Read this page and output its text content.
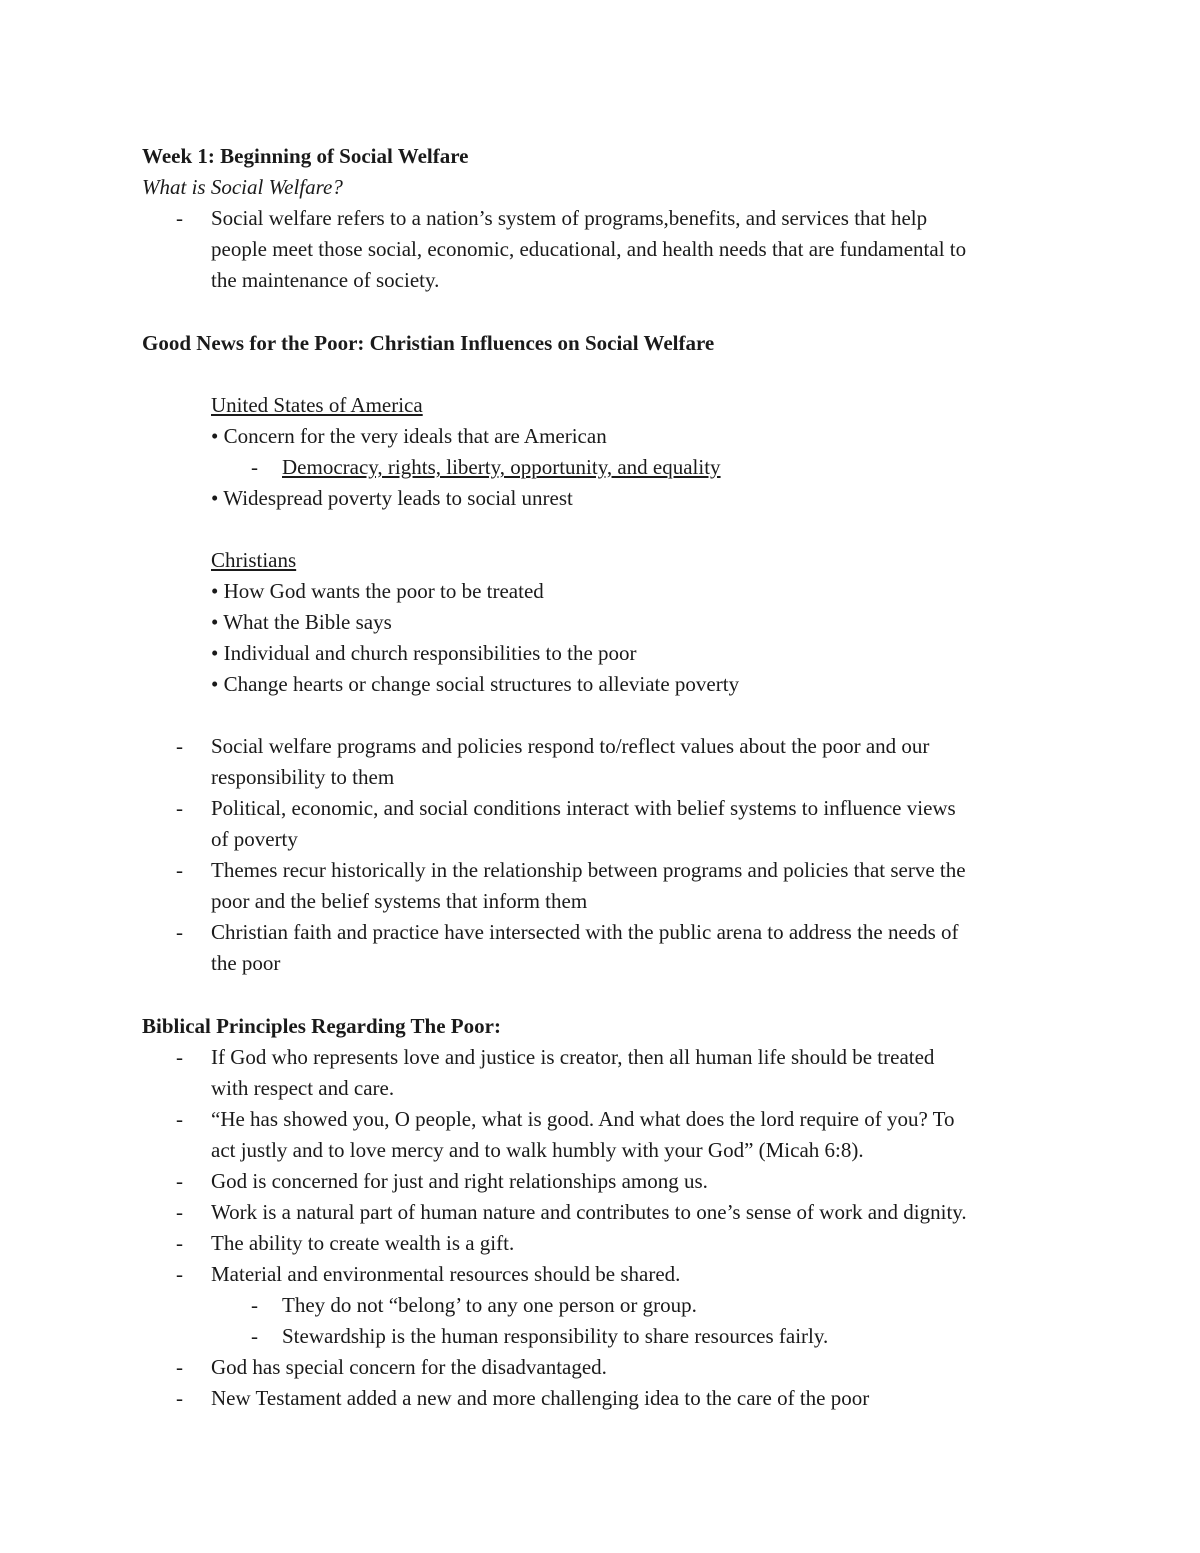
Week 1: Beginning of Social Welfare
What is Social Welfare?
- Social welfare refers to a nation’s system of programs,benefits, and services that help
people meet those social, economic, educational, and health needs that are fundamental to
the maintenance of society.
Good News for the Poor: Christian Influences on Social Welfare
United States of America
• Concern for the very ideals that are American
- Democracy, rights, liberty, opportunity, and equality
• Widespread poverty leads to social unrest
Christians
• How God wants the poor to be treated
• What the Bible says
• Individual and church responsibilities to the poor
• Change hearts or change social structures to alleviate poverty
- Social welfare programs and policies respond to/reflect values about the poor and our
responsibility to them
- Political, economic, and social conditions interact with belief systems to influence views
of poverty
- Themes recur historically in the relationship between programs and policies that serve the
poor and the belief systems that inform them
- Christian faith and practice have intersected with the public arena to address the needs of
the poor
Biblical Principles Regarding The Poor:
- If God who represents love and justice is creator, then all human life should be treated
with respect and care.
- “He has showed you, O people, what is good. And what does the lord require of you? To
act justly and to love mercy and to walk humbly with your God” (Micah 6:8).
- God is concerned for just and right relationships among us.
- Work is a natural part of human nature and contributes to one’s sense of work and dignity.
- The ability to create wealth is a gift.
- Material and environmental resources should be shared.
- They do not “belong’ to any one person or group.
- Stewardship is the human responsibility to share resources fairly.
- God has special concern for the disadvantaged.
- New Testament added a new and more challenging idea to the care of the poor
